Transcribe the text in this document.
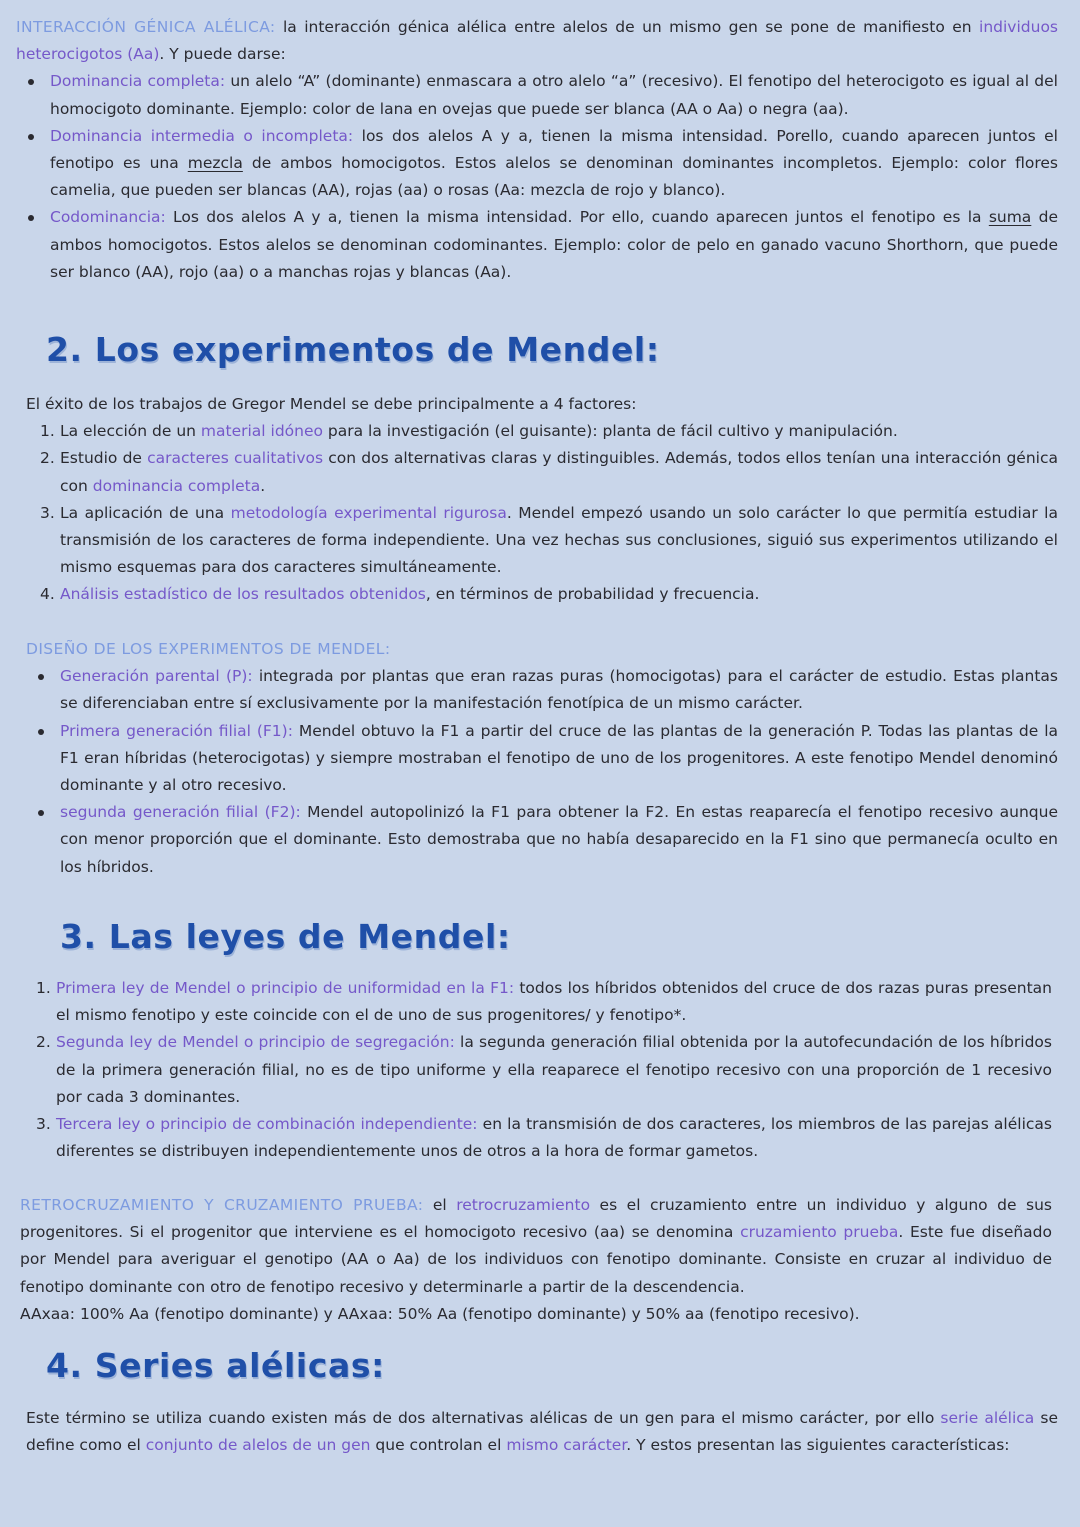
INTERACCIÓN GÉNICA ALÉLICA: la interacción génica alélica entre alelos de un mismo gen se pone de manifiesto en individuos heterocigotos (Aa). Y puede darse:

Dominancia completa: un alelo “A” (dominante) enmascara a otro alelo “a” (recesivo). El fenotipo del heterocigoto es igual al del homocigoto dominante. Ejemplo: color de lana en ovejas que puede ser blanca (AA o Aa) o negra (aa).
Dominancia intermedia o incompleta: los dos alelos A y a, tienen la misma intensidad. Porello, cuando aparecen juntos el fenotipo es una mezcla de ambos homocigotos. Estos alelos se denominan dominantes incompletos. Ejemplo: color flores camelia, que pueden ser blancas (AA), rojas (aa) o rosas (Aa: mezcla de rojo y blanco).
Codominancia: Los dos alelos A y a, tienen la misma intensidad. Por ello, cuando aparecen juntos el fenotipo es la suma de ambos homocigotos. Estos alelos se denominan codominantes. Ejemplo: color de pelo en ganado vacuno Shorthorn, que puede ser blanco (AA), rojo (aa) o a manchas rojas y blancas (Aa).
2. Los experimentos de Mendel:

El éxito de los trabajos de Gregor Mendel se debe principalmente a 4 factores:

1. La elección de un material idóneo para la investigación (el guisante): planta de fácil cultivo y manipulación.
2. Estudio de caracteres cualitativos con dos alternativas claras y distinguibles. Además, todos ellos tenían una interacción génica con dominancia completa.
3. La aplicación de una metodología experimental rigurosa. Mendel empezó usando un solo carácter lo que permitía estudiar la transmisión de los caracteres de forma independiente. Una vez hechas sus conclusiones, siguió sus experimentos utilizando el mismo esquemas para dos caracteres simultáneamente.
4. Análisis estadístico de los resultados obtenidos, en términos de probabilidad y frecuencia.

DISEÑO DE LOS EXPERIMENTOS DE MENDEL:

Generación parental (P): integrada por plantas que eran razas puras (homocigotas) para el carácter de estudio. Estas plantas se diferenciaban entre sí exclusivamente por la manifestación fenotípica de un mismo carácter.
Primera generación filial (F1): Mendel obtuvo la F1 a partir del cruce de las plantas de la generación P. Todas las plantas de la F1 eran híbridas (heterocigotas) y siempre mostraban el fenotipo de uno de los progenitores. A este fenotipo Mendel denominó dominante y al otro recesivo.
segunda generación filial (F2): Mendel autopolinizó la F1 para obtener la F2. En estas reaparecía el fenotipo recesivo aunque con menor proporción que el dominante. Esto demostraba que no había desaparecido en la F1 sino que permanecía oculto en los híbridos.
3. Las leyes de Mendel:
1. Primera ley de Mendel o principio de uniformidad en la F1: todos los híbridos obtenidos del cruce de dos razas puras presentan el mismo fenotipo y este coincide con el de uno de sus progenitores/ y fenotipo*.
2. Segunda ley de Mendel o principio de segregación: la segunda generación filial obtenida por la autofecundación de los híbridos de la primera generación filial, no es de tipo uniforme y ella reaparece el fenotipo recesivo con una proporción de 1 recesivo por cada 3 dominantes.
3. Tercera ley o principio de combinación independiente: en la transmisión de dos caracteres, los miembros de las parejas alélicas diferentes se distribuyen independientemente unos de otros a la hora de formar gametos.

RETROCRUZAMIENTO Y CRUZAMIENTO PRUEBA: el retrocruzamiento es el cruzamiento entre un individuo y alguno de sus progenitores. Si el progenitor que interviene es el homocigoto recesivo (aa) se denomina cruzamiento prueba. Este fue diseñado por Mendel para averiguar el genotipo (AA o Aa) de los individuos con fenotipo dominante. Consiste en cruzar al individuo de fenotipo dominante con otro de fenotipo recesivo y determinarle a partir de la descendencia.

AAxaa: 100% Aa (fenotipo dominante) y AAxaa: 50% Aa (fenotipo dominante) y 50% aa (fenotipo recesivo).

4. Series alélicas:

Este término se utiliza cuando existen más de dos alternativas alélicas de un gen para el mismo carácter, por ello serie alélica se define como el conjunto de alelos de un gen que controlan el mismo carácter. Y estos presentan las siguientes características:
